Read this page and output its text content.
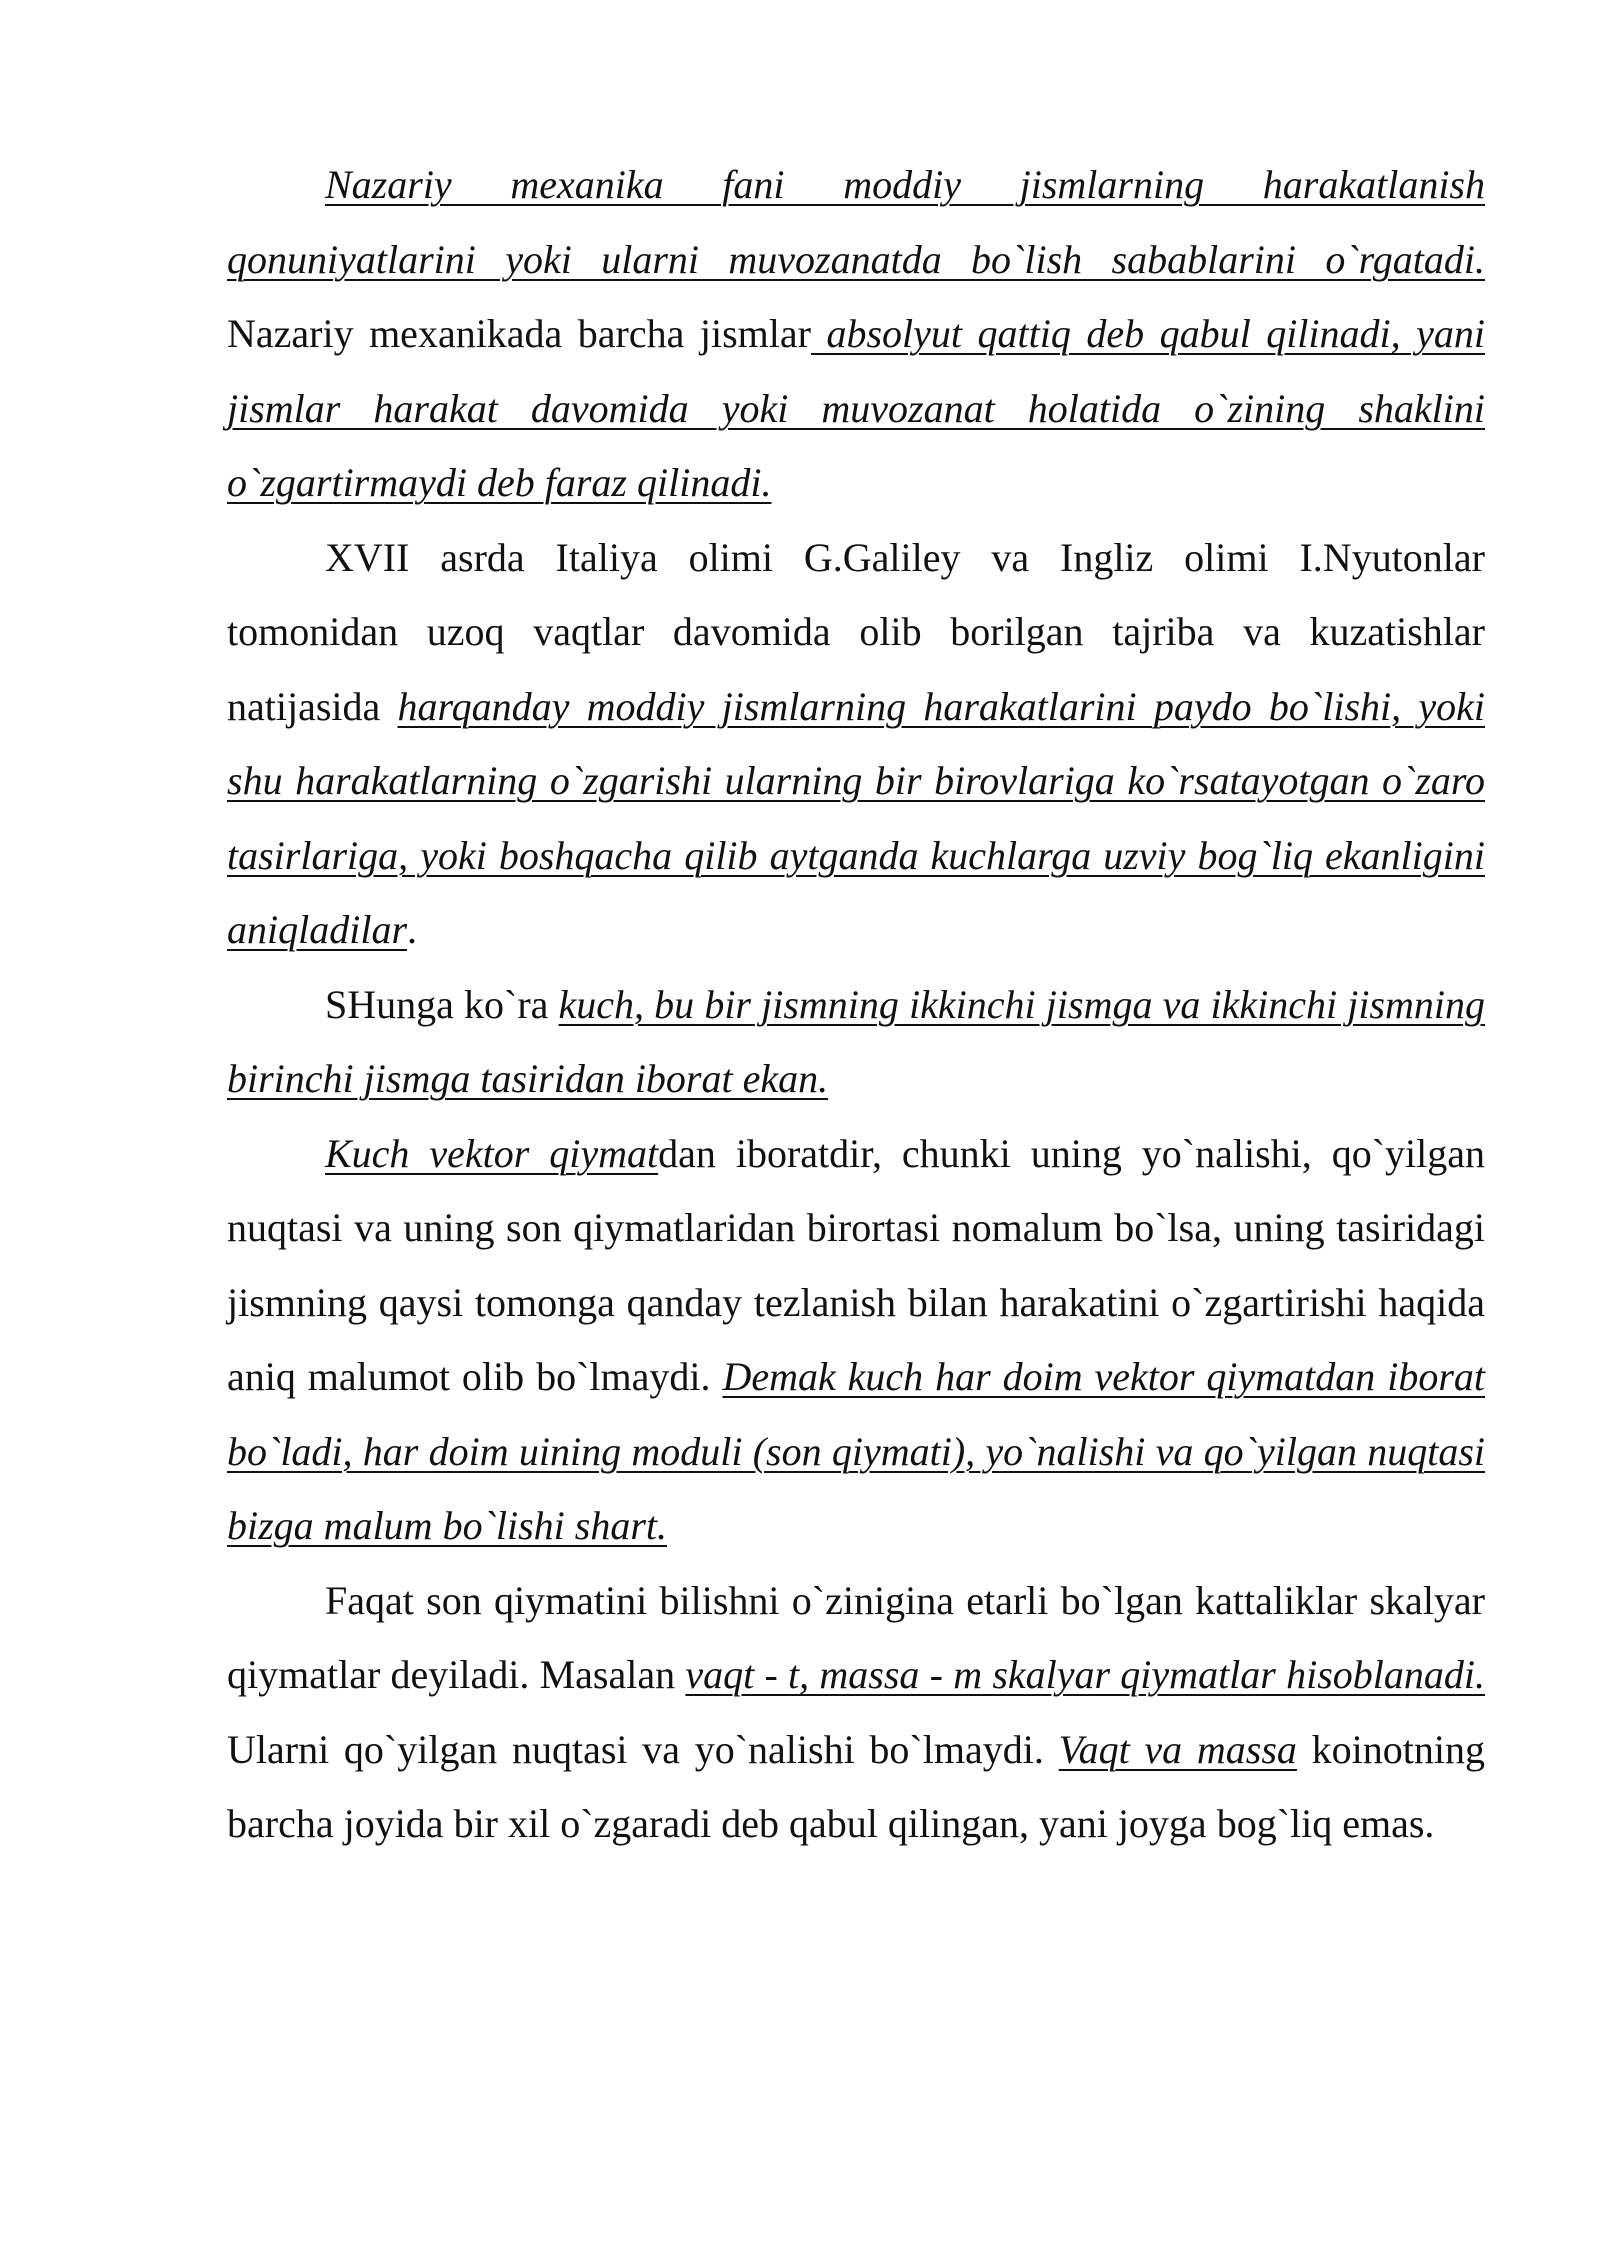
Nazariy mexanika fani moddiy jismlarning harakatlanish qonuniyatlarini yoki ularni muvozanatda bo`lish sabablarini o`rgatadi. Nazariy mexanikada barcha jismlar absolyut qattiq deb qabul qilinadi, yani jismlar harakat davomida yoki muvozanat holatida o`zining shaklini o`zgartirmaydi deb faraz qilinadi.

XVII asrda Italiya olimi G.Galiley va Ingliz olimi I.Nyutonlar tomonidan uzoq vaqtlar davomida olib borilgan tajriba va kuzatishlar natijasida harqanday moddiy jismlarning harakatlarini paydo bo`lishi, yoki shu harakatlarning o`zgarishi ularning bir birovlariga ko`rsatayotgan o`zaro tasirlariga, yoki boshqacha qilib aytganda kuchlarga uzviy bog`liq ekanligini aniqladilar.

SHunga ko`ra kuch, bu bir jismning ikkinchi jismga va ikkinchi jismning birinchi jismga tasiridan iborat ekan.

Kuch vektor qiymatdan iboratdir, chunki uning yo`nalishi, qo`yilgan nuqtasi va uning son qiymatlaridan birortasi nomalum bo`lsa, uning tasiridagi jismning qaysi tomonga qanday tezlanish bilan harakatini o`zgartirishi haqida aniq malumot olib bo`lmaydi. Demak kuch har doim vektor qiymatdan iborat bo`ladi, har doim uining moduli (son qiymati), yo`nalishi va qo`yilgan nuqtasi bizga malum bo`lishi shart.

Faqat son qiymatini bilishni o`zinigina etarli bo`lgan kattaliklar skalyar qiymatlar deyiladi. Masalan vaqt - t, massa - m skalyar qiymatlar hisoblanadi. Ularni qo`yilgan nuqtasi va yo`nalishi bo`lmaydi. Vaqt va massa koinotning barcha joyida bir xil o`zgaradi deb qabul qilingan, yani joyga bog`liq emas.
